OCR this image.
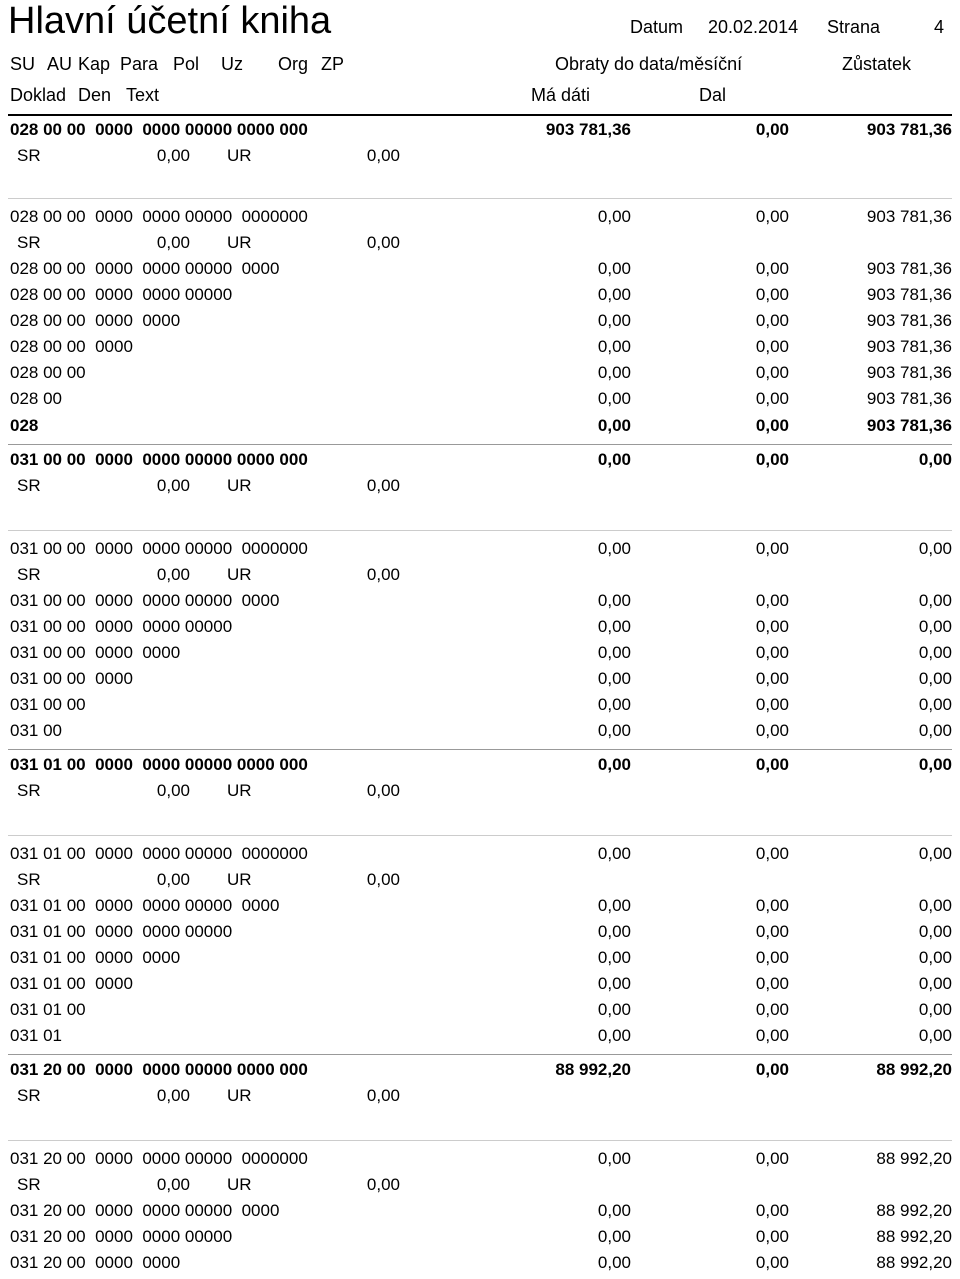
Hlavní účetní kniha	Datum 20.02.2014 Strana	4
SU AU Kap Para Pol Uz Org ZP	Obraty do data/měsíční	Zůstatek
Doklad Den Text	Má dáti	Dal
028 00 00  0000  0000 00000 0000 000	903 781,36	0,00	903 781,36
SR	0,00 UR	0,00
028 00 00  0000  0000 00000  0000000	0,00	0,00	903 781,36
SR	0,00 UR	0,00
028 00 00  0000  0000 00000  0000	0,00	0,00	903 781,36
028 00 00  0000  0000 00000	0,00	0,00	903 781,36
028 00 00  0000  0000	0,00	0,00	903 781,36
028 00 00  0000	0,00	0,00	903 781,36
028 00 00	0,00	0,00	903 781,36
028 00	0,00	0,00	903 781,36
028	0,00	0,00	903 781,36
031 00 00  0000  0000 00000 0000 000	0,00	0,00	0,00
SR	0,00 UR	0,00
031 00 00  0000  0000 00000  0000000	0,00	0,00	0,00
SR	0,00 UR	0,00
031 00 00  0000  0000 00000  0000	0,00	0,00	0,00
031 00 00  0000  0000 00000	0,00	0,00	0,00
031 00 00  0000  0000	0,00	0,00	0,00
031 00 00  0000	0,00	0,00	0,00
031 00 00	0,00	0,00	0,00
031 00	0,00	0,00	0,00
031 01 00  0000  0000 00000 0000 000	0,00	0,00	0,00
SR	0,00 UR	0,00
031 01 00  0000  0000 00000  0000000	0,00	0,00	0,00
SR	0,00 UR	0,00
031 01 00  0000  0000 00000  0000	0,00	0,00	0,00
031 01 00  0000  0000 00000	0,00	0,00	0,00
031 01 00  0000  0000	0,00	0,00	0,00
031 01 00  0000	0,00	0,00	0,00
031 01 00	0,00	0,00	0,00
031 01	0,00	0,00	0,00
031 20 00  0000  0000 00000 0000 000	88 992,20	0,00	88 992,20
SR	0,00 UR	0,00
031 20 00  0000  0000 00000  0000000	0,00	0,00	88 992,20
SR	0,00 UR	0,00
031 20 00  0000  0000 00000  0000	0,00	0,00	88 992,20
031 20 00  0000  0000 00000	0,00	0,00	88 992,20
031 20 00  0000  0000	0,00	0,00	88 992,20
